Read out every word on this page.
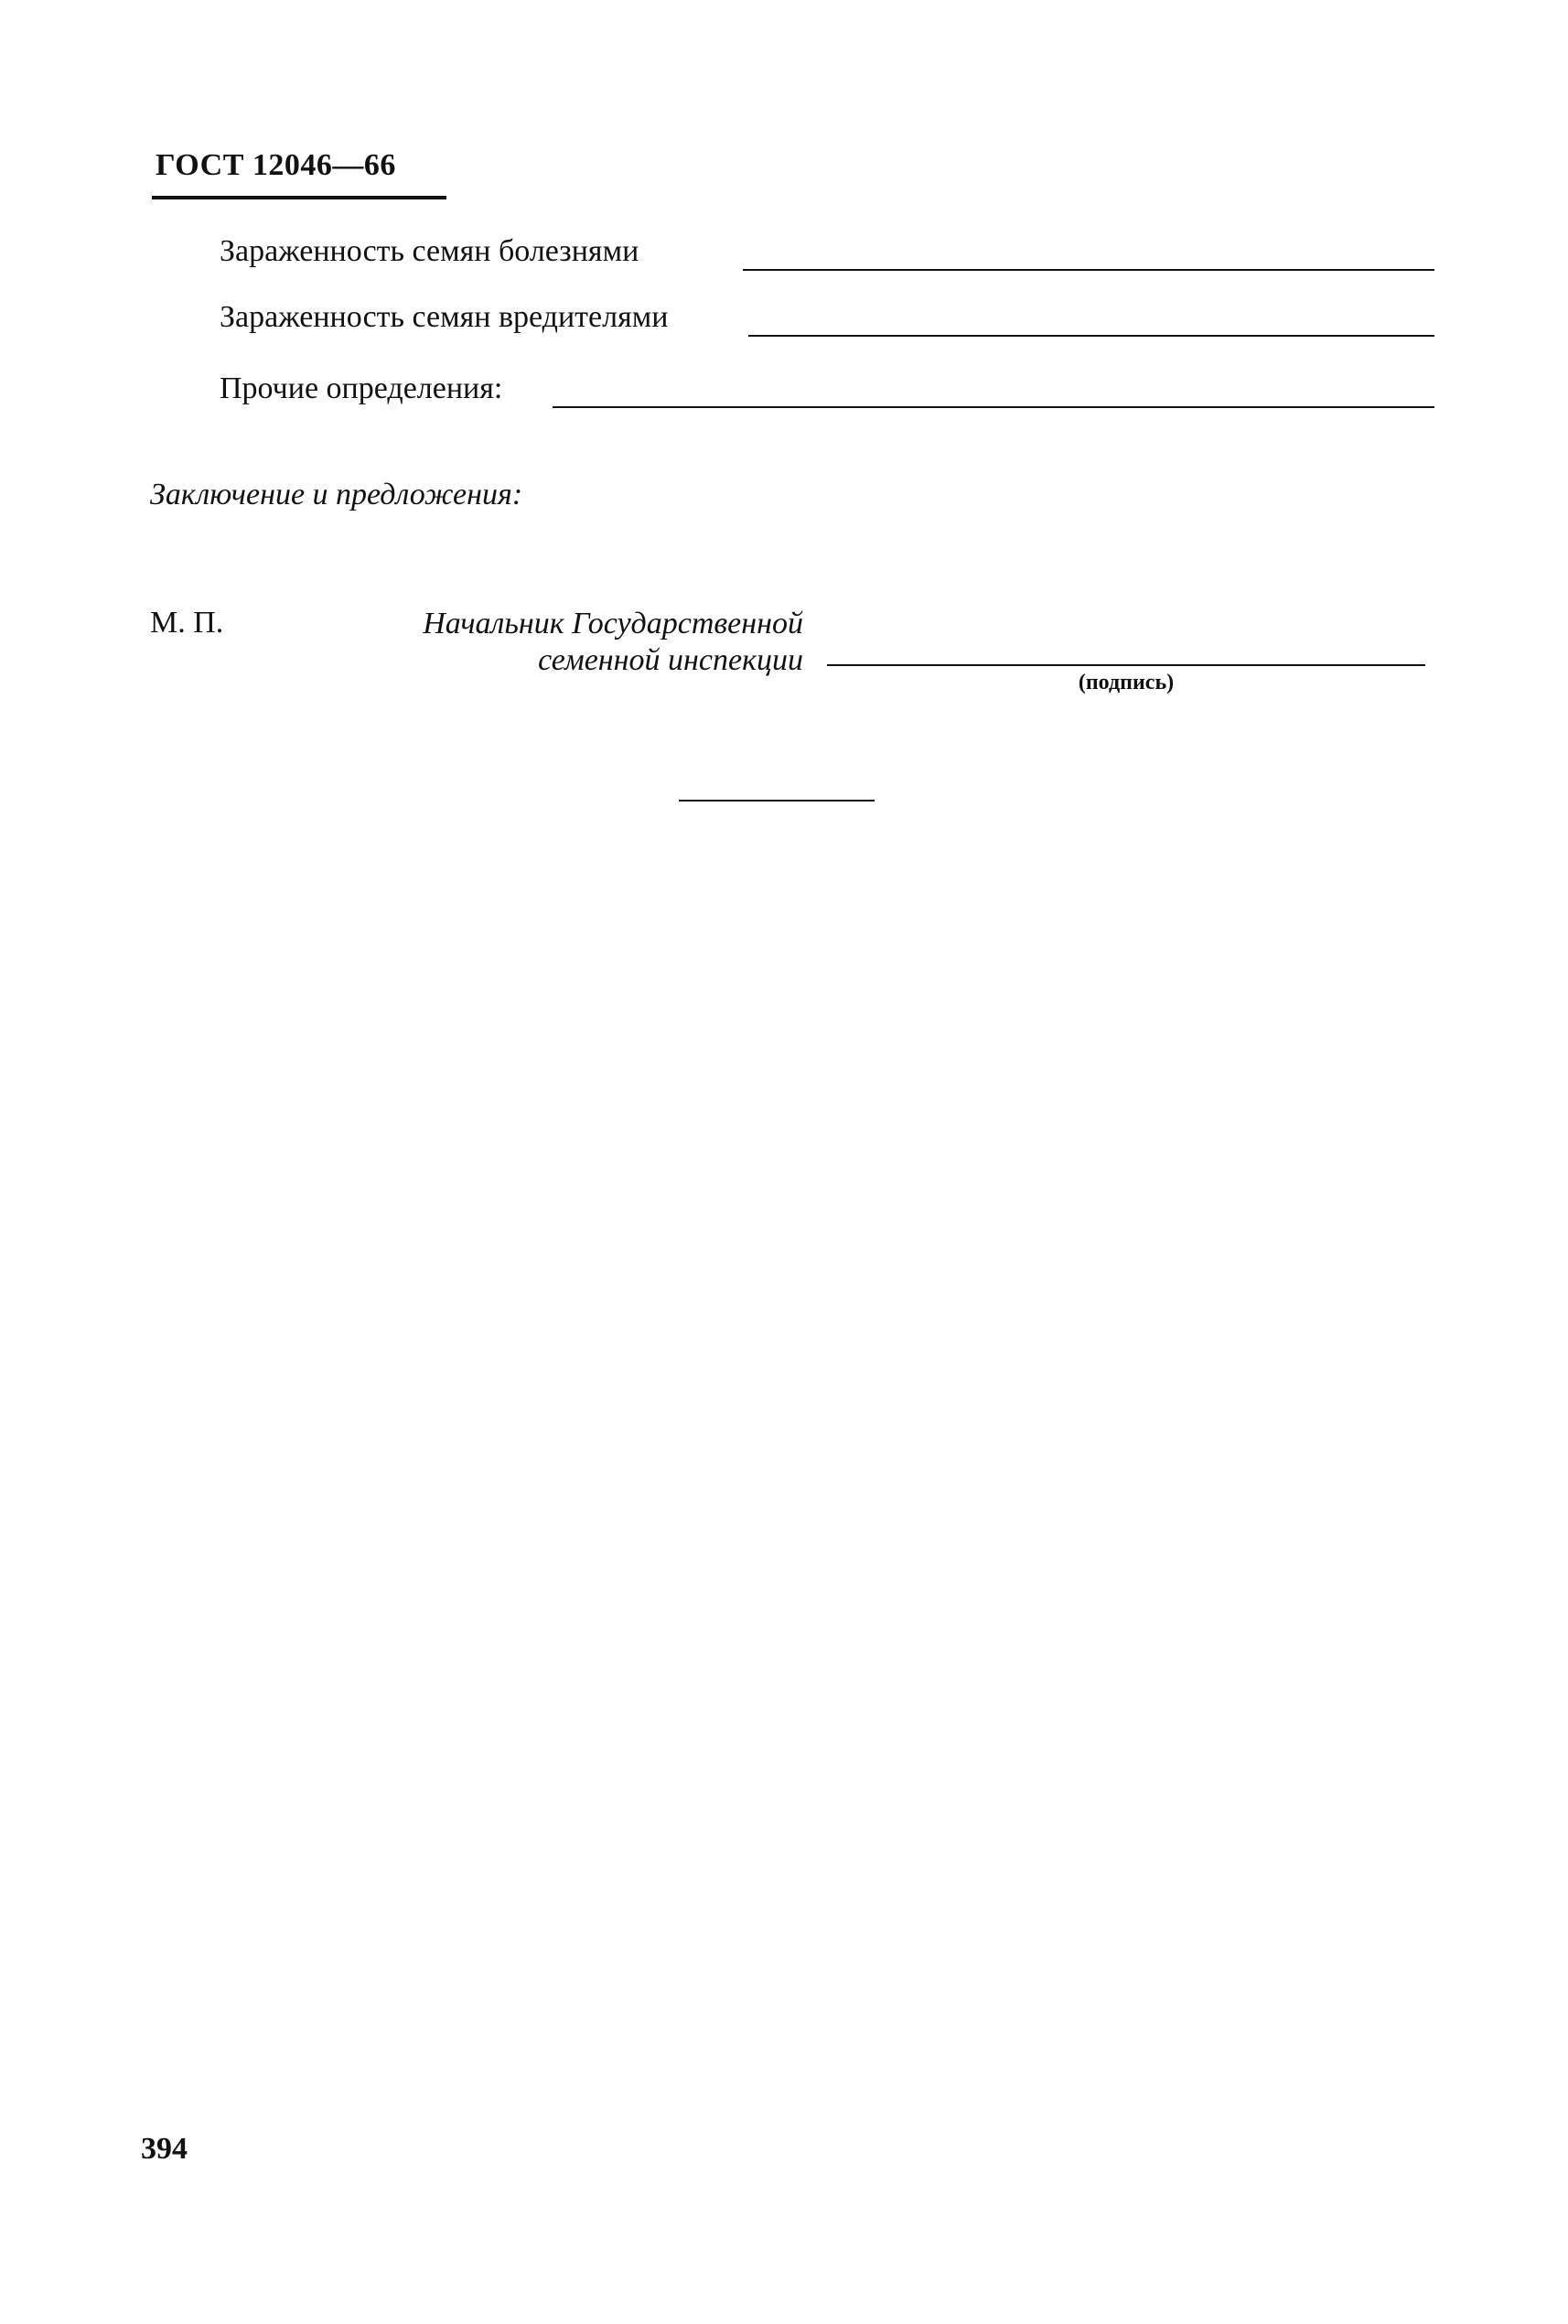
ГОСТ 12046—66
Зараженность семян болезнями
Зараженность семян вредителями
Прочие определения:
Заключение и предложения:
М. П.	Начальник Государственной
семенной инспекции
(подпись)
394
